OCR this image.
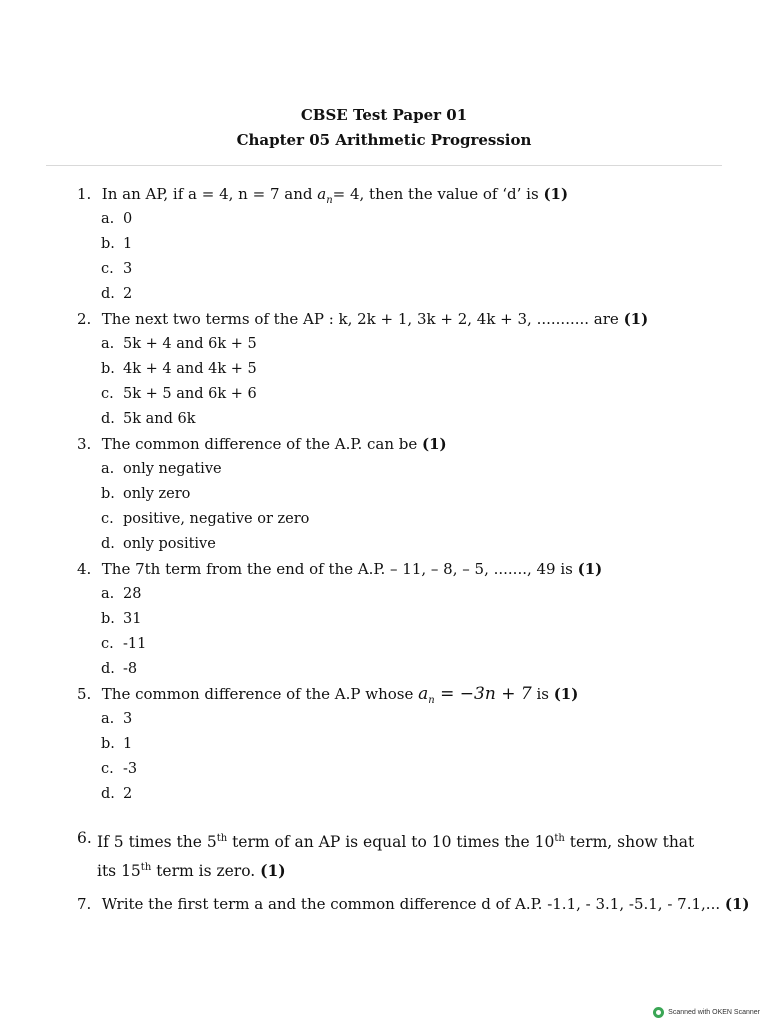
CBSE Test Paper 01
Chapter 05 Arithmetic Progression
1. In an AP, if a = 4, n = 7 and $a_n= 4$, then the value of ‘d’ is (1)
a. 0
b. 1
c. 3
d. 2
2. The next two terms of the AP : k, 2k + 1, 3k + 2, 4k + 3, ........... are (1)
a. 5k + 4 and 6k + 5
b. 4k + 4 and 4k + 5
c. 5k + 5 and 6k + 6
d. 5k and 6k
3. The common difference of the A.P. can be (1)
a. only negative
b. only zero
c. positive, negative or zero
d. only positive
4. The 7th term from the end of the A.P. – 11, – 8, – 5, ......., 49 is (1)
a. 28
b. 31
c. -11
d. -8
5. The common difference of the A.P whose $a_n = -3n + 7$ is (1)
a. 3
b. 1
c. -3
d. 2
6. If 5 times the 5th term of an AP is equal to 10 times the 10th term, show that its 15th term is zero. (1)
7. Write the first term a and the common difference d of A.P. -1.1, - 3.1, -5.1, - 7.1,... (1)
Scanned with OKEN Scanner
